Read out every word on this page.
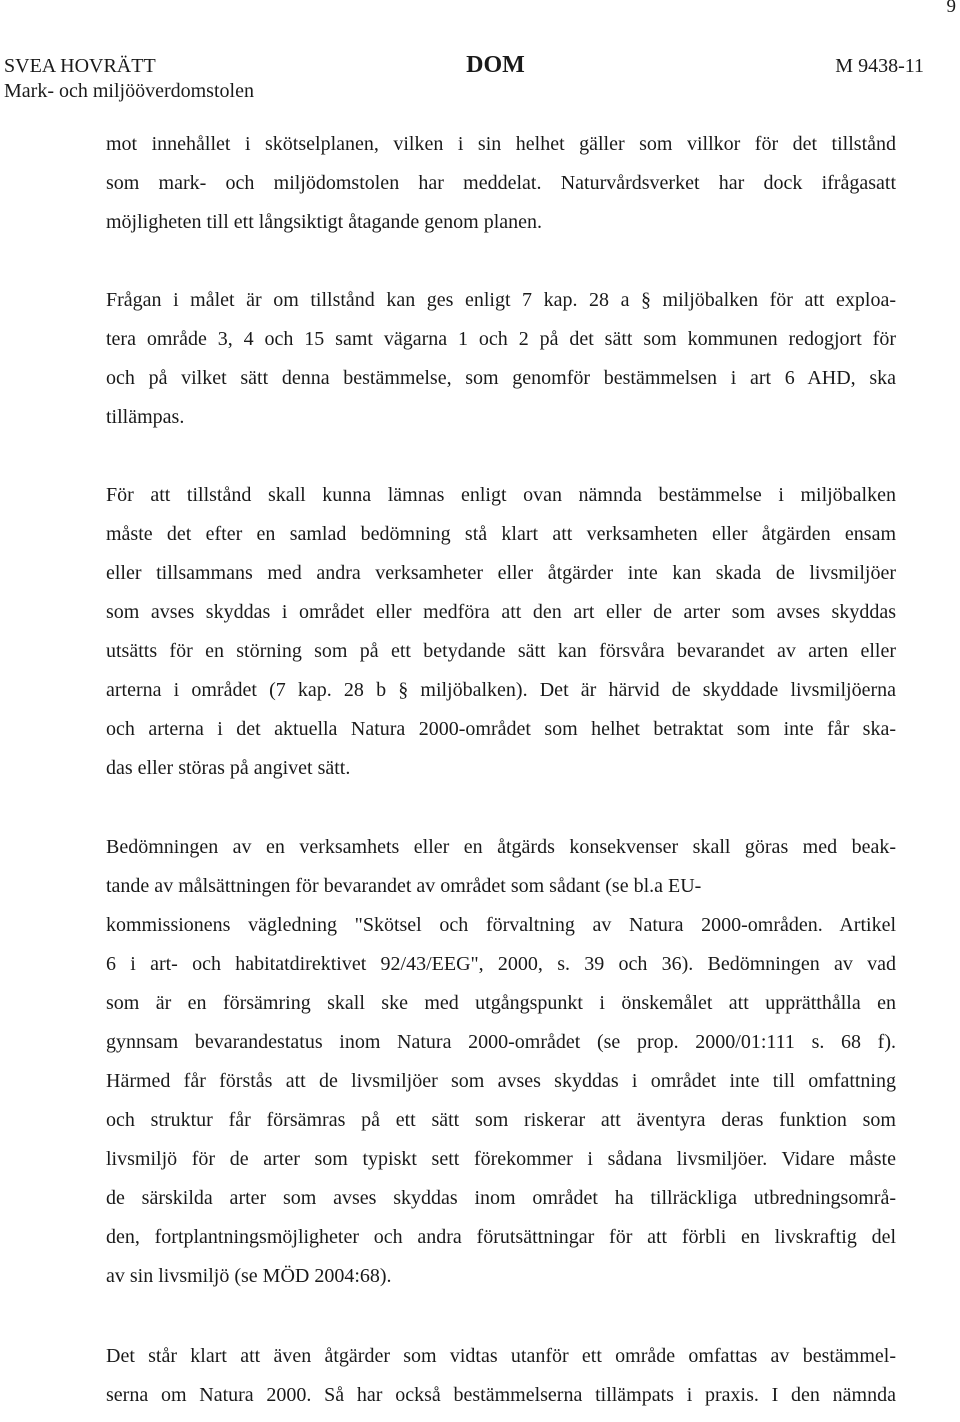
9
SVEA HOVRÄTT	DOM	M 9438-11
Mark- och miljööverdomstolen
mot innehållet i skötselplanen, vilken i sin helhet gäller som villkor för det tillstånd
som mark- och miljödomstolen har meddelat. Naturvårdsverket har dock ifrågasatt
möjligheten till ett långsiktigt åtagande genom planen.
Frågan i målet är om tillstånd kan ges enligt 7 kap. 28 a § miljöbalken för att exploa-
tera område 3, 4 och 15 samt vägarna 1 och 2 på det sätt som kommunen redogjort för
och på vilket sätt denna bestämmelse, som genomför bestämmelsen i art 6 AHD, ska
tillämpas.
För att tillstånd skall kunna lämnas enligt ovan nämnda bestämmelse i miljöbalken
måste det efter en samlad bedömning stå klart att verksamheten eller åtgärden ensam
eller tillsammans med andra verksamheter eller åtgärder inte kan skada de livsmiljöer
som avses skyddas i området eller medföra att den art eller de arter som avses skyddas
utsätts för en störning som på ett betydande sätt kan försvåra bevarandet av arten eller
arterna i området (7 kap. 28 b § miljöbalken). Det är härvid de skyddade livsmiljöerna
och arterna i det aktuella Natura 2000-området som helhet betraktat som inte får ska-
das eller störas på angivet sätt.
Bedömningen av en verksamhets eller en åtgärds konsekvenser skall göras med beak-
tande av målsättningen för bevarandet av området som sådant (se bl.a EU-
kommissionens vägledning "Skötsel och förvaltning av Natura 2000-områden. Artikel
6 i art- och habitatdirektivet 92/43/EEG", 2000, s. 39 och 36). Bedömningen av vad
som är en försämring skall ske med utgångspunkt i önskemålet att upprätthålla en
gynnsam bevarandestatus inom Natura 2000-området (se prop. 2000/01:111 s. 68 f).
Härmed får förstås att de livsmiljöer som avses skyddas i området inte till omfattning
och struktur får försämras på ett sätt som riskerar att äventyra deras funktion som
livsmiljö för de arter som typiskt sett förekommer i sådana livsmiljöer. Vidare måste
de särskilda arter som avses skyddas inom området ha tillräckliga utbredningsområ-
den, fortplantningsmöjligheter och andra förutsättningar för att förbli en livskraftig del
av sin livsmiljö (se MÖD 2004:68).
Det står klart att även åtgärder som vidtas utanför ett område omfattas av bestämmel-
serna om Natura 2000. Så har också bestämmelserna tillämpats i praxis. I den nämnda
